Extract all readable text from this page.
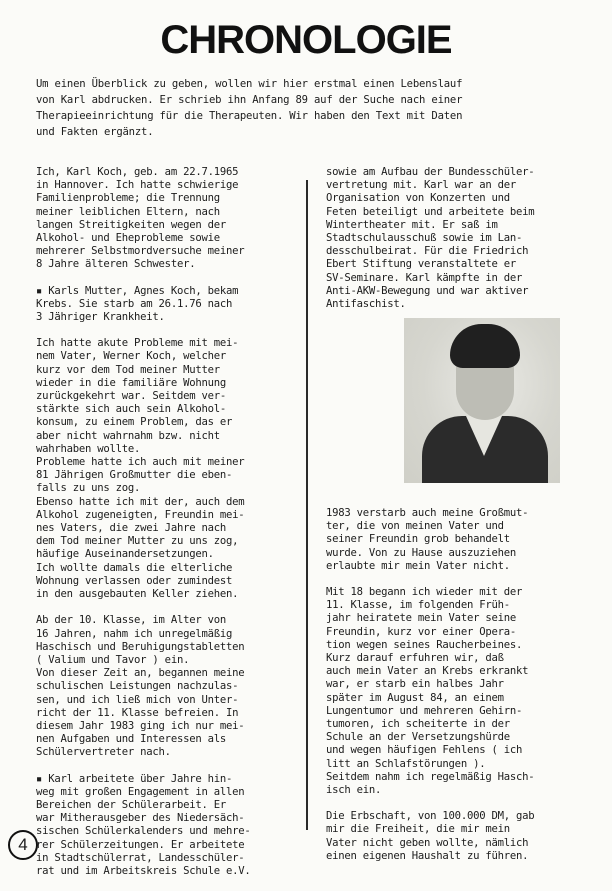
CHRONOLOGIE
Um einen Überblick zu geben, wollen wir hier erstmal einen Lebenslauf
von Karl abdrucken. Er schrieb ihn Anfang 89 auf der Suche nach einer
Therapieeinrichtung für die Therapeuten. Wir haben den Text mit Daten
und Fakten ergänzt.

Ich, Karl Koch, geb. am 22.7.1965
in Hannover. Ich hatte schwierige
Familienprobleme; die Trennung
meiner leiblichen Eltern, nach
langen Streitigkeiten wegen der
Alkohol- und Eheprobleme sowie
mehrerer Selbstmordversuche meiner
8 Jahre älteren Schwester.

▪ Karls Mutter, Agnes Koch, bekam
Krebs. Sie starb am 26.1.76 nach
3 Jähriger Krankheit.

Ich hatte akute Probleme mit mei-
nem Vater, Werner Koch, welcher
kurz vor dem Tod meiner Mutter
wieder in die familiäre Wohnung
zurückgekehrt war. Seitdem ver-
stärkte sich auch sein Alkohol-
konsum, zu einem Problem, das er
aber nicht wahrnahm bzw. nicht
wahrhaben wollte.
Probleme hatte ich auch mit meiner
81 Jährigen Großmutter die eben-
falls zu uns zog.
Ebenso hatte ich mit der, auch dem
Alkohol zugeneigten, Freundin mei-
nes Vaters, die zwei Jahre nach
dem Tod meiner Mutter zu uns zog,
häufige Auseinandersetzungen.
Ich wollte damals die elterliche
Wohnung verlassen oder zumindest
in den ausgebauten Keller ziehen.

Ab der 10. Klasse, im Alter von
16 Jahren, nahm ich unregelmäßig
Haschisch und Beruhigungstabletten
( Valium und Tavor ) ein.
Von dieser Zeit an, begannen meine
schulischen Leistungen nachzulas-
sen, und ich ließ mich von Unter-
richt der 11. Klasse befreien. In
diesem Jahr 1983 ging ich nur mei-
nen Aufgaben und Interessen als
Schülervertreter nach.

▪ Karl arbeitete über Jahre hin-
weg mit großen Engagement in allen
Bereichen der Schülerarbeit. Er
war Mitherausgeber des Niedersäch-
sischen Schülerkalenders und mehre-
rer Schülerzeitungen. Er arbeitete
in Stadtschülerrat, Landesschüler-
rat und im Arbeitskreis Schule e.V.

sowie am Aufbau der Bundesschüler-
vertretung mit. Karl war an der
Organisation von Konzerten und
Feten beteiligt und arbeitete beim
Wintertheater mit. Er saß im
Stadtschulausschuß sowie im Lan-
desschulbeirat. Für die Friedrich
Ebert Stiftung veranstaltete er
SV-Seminare. Karl kämpfte in der
Anti-AKW-Bewegung und war aktiver
Antifaschist.

1983 verstarb auch meine Großmut-
ter, die von meinen Vater und
seiner Freundin grob behandelt
wurde. Von zu Hause auszuziehen
erlaubte mir mein Vater nicht.

Mit 18 begann ich wieder mit der
11. Klasse, im folgenden Früh-
jahr heiratete mein Vater seine
Freundin, kurz vor einer Opera-
tion wegen seines Raucherbeines.
Kurz darauf erfuhren wir, daß
auch mein Vater an Krebs erkrankt
war, er starb ein halbes Jahr
später im August 84, an einem
Lungentumor und mehreren Gehirn-
tumoren, ich scheiterte in der
Schule an der Versetzungshürde
und wegen häufigen Fehlens ( ich
litt an Schlafstörungen ).
Seitdem nahm ich regelmäßig Hasch-
isch ein.

Die Erbschaft, von 100.000 DM, gab
mir die Freiheit, die mir mein
Vater nicht geben wollte, nämlich
einen eigenen Haushalt zu führen.

4
